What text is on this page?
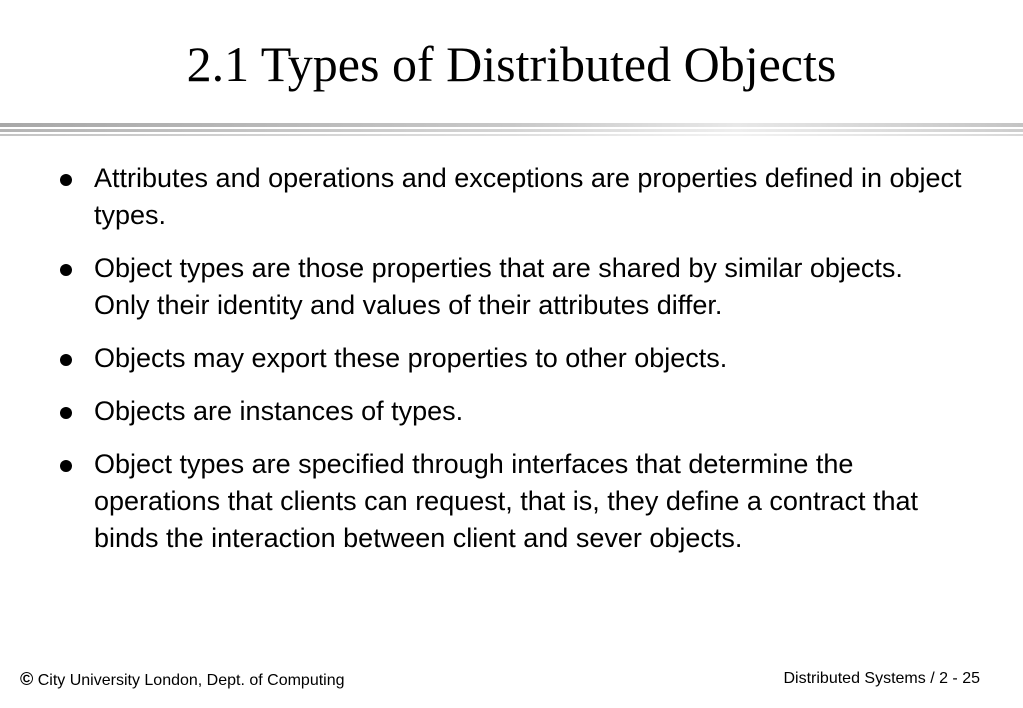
2.1 Types of Distributed Objects
Attributes and operations and exceptions are properties defined in object types.
Object types are those properties that are shared by similar objects. Only their identity and values of their attributes differ.
Objects may export these properties to other objects.
Objects are instances of types.
Object types are specified through interfaces that determine the operations that clients can request, that is, they define a contract that binds the interaction between client and sever objects.
© City University London, Dept. of Computing	Distributed Systems / 2 - 25
